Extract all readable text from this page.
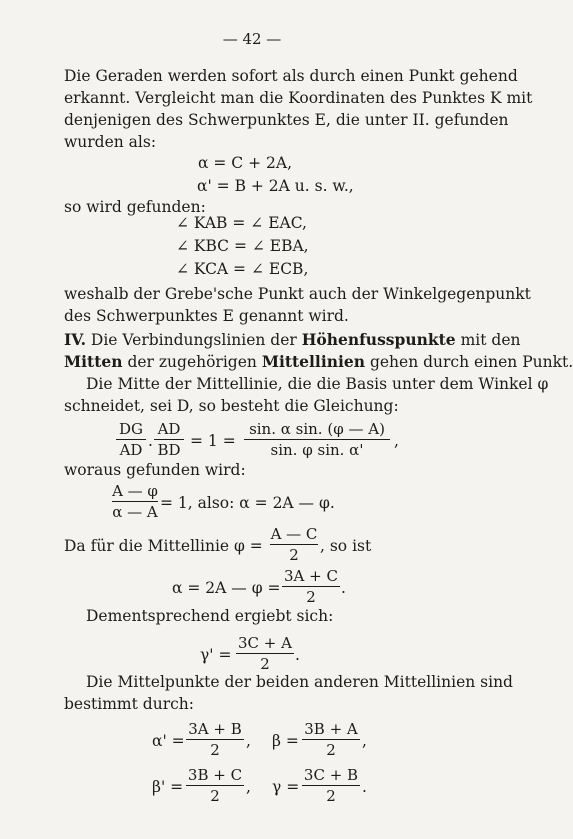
— 42 —
Die Geraden werden sofort als durch einen Punkt gehend
erkannt. Vergleicht man die Koordinaten des Punktes K mit
denjenigen des Schwerpunktes E, die unter II. gefunden
wurden als:
α = C + 2A,
α' = B + 2A u. s. w.,
so wird gefunden:
∠ KAB = ∠ EAC,
∠ KBC = ∠ EBA,
∠ KCA = ∠ ECB,
weshalb der Grebe'sche Punkt auch der Winkelgegenpunkt
des Schwerpunktes E genannt wird.
IV. Die Verbindungslinien der Höhenfusspunkte mit den
Mitten der zugehörigen Mittellinien gehen durch einen Punkt.
Die Mitte der Mittellinie, die die Basis unter dem Winkel φ
schneidet, sei D, so besteht die Gleichung:
DG
AD .
AD
BD = 1 =
sin. α sin. (φ — A)
sin. φ sin. α'	,
woraus gefunden wird:
A — φ
α — A = 1, also: α = 2A — φ.
Da für die Mittellinie φ =
A — C
2	, so ist
α = 2A — φ =
3A + C
2	.
Dementsprechend ergiebt sich:
γ' =
3C + A
2	.
Die Mittelpunkte der beiden anderen Mittellinien sind
bestimmt durch:
α' =
3A + B
2	, β =
3B + A
2	,
β' =
3B + C
2	, γ =
3C + B
2	.
